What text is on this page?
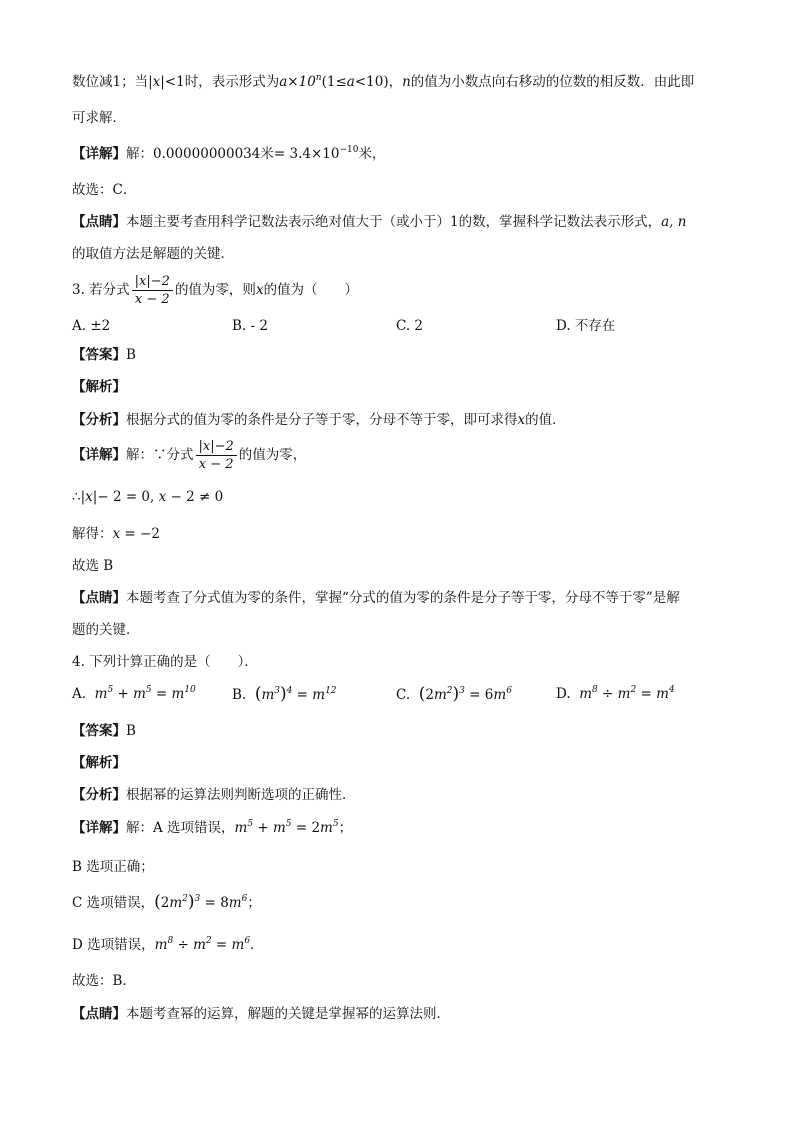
数位减1；当|x|<1时，表示形式为$a\times 10^n(1\le a<10)$，n的值为小数点向右移动的位数的相反数．由此即
可求解．
【详解】解：0.00000000034米= $3.4\times 10^{-10}$米，
故选：C．
【点睛】本题主要考查用科学记数法表示绝对值大于（或小于）1的数，掌握科学记数法表示形式，a, n
的取值方法是解题的关键．
3. 若分式 $\frac{|x|-2}{x - 2}$ 的值为零，则x的值为（　　）
A. ±2	B. - 2	C. 2	D. 不存在
【答案】B
【解析】
【分析】根据分式的值为零的条件是分子等于零，分母不等于零，即可求得x的值．
【详解】解：∵分式 $\frac{|x|-2}{x - 2}$ 的值为零，
∴|x|− 2 = 0, x − 2 ≠ 0
解得：x = −2
故选 B
【点睛】本题考查了分式值为零的条件，掌握“分式的值为零的条件是分子等于零，分母不等于零”是解
题的关键．
4. 下列计算正确的是（　　）．
A.  $m^5 + m^5 = m^{10}$	B. $(m^3)^4 = m^{12}$	C. $(2m^2)^3 = 6m^6$	D.  $m^8 \div m^2 = m^4$
【答案】B
【解析】
【分析】根据幂的运算法则判断选项的正确性．
【详解】解：A 选项错误，$m^5 + m^5 = 2m^5$；
B 选项正确；
C 选项错误，$(2m^2)^3 = 8m^6$；
D 选项错误，$m^8 \div m^2 = m^6$．
故选：B．
【点睛】本题考查幂的运算，解题的关键是掌握幂的运算法则．
